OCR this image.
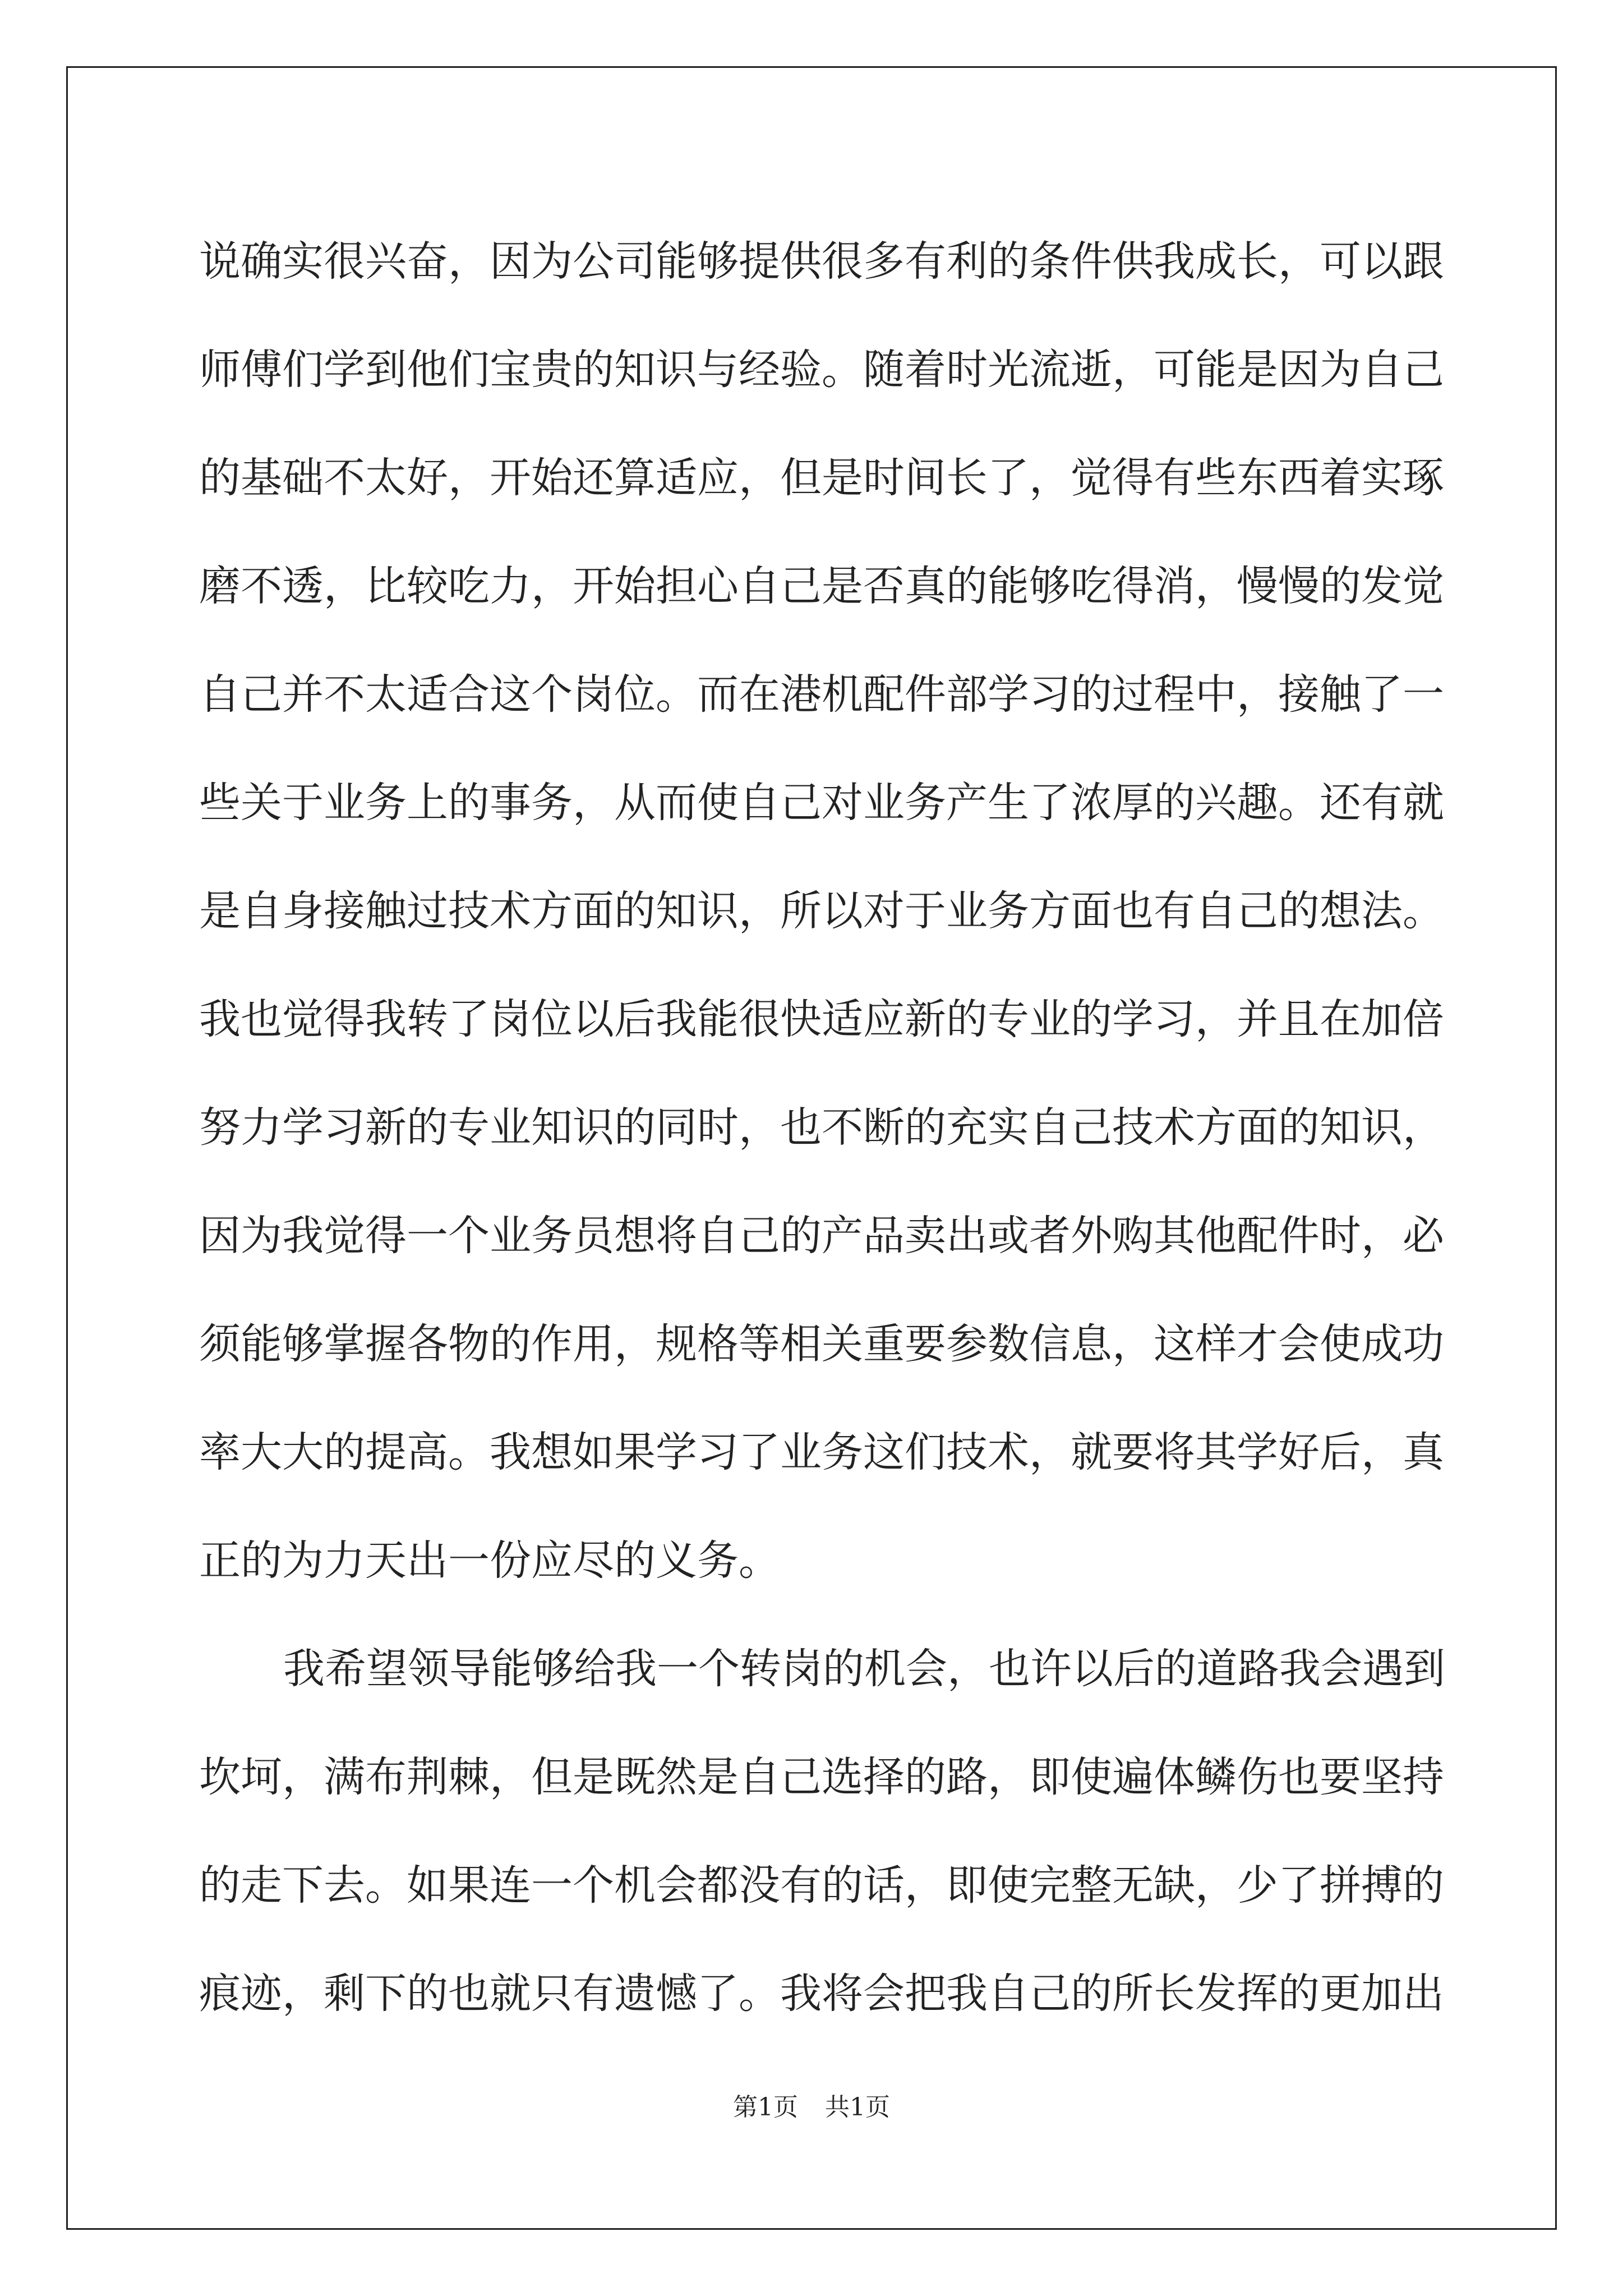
说确实很兴奋，因为公司能够提供很多有利的条件供我成长，可以跟
师傅们学到他们宝贵的知识与经验。随着时光流逝，可能是因为自己
的基础不太好，开始还算适应，但是时间长了，觉得有些东西着实琢
磨不透，比较吃力，开始担心自己是否真的能够吃得消，慢慢的发觉
自己并不太适合这个岗位。而在港机配件部学习的过程中，接触了一
些关于业务上的事务，从而使自己对业务产生了浓厚的兴趣。还有就
是自身接触过技术方面的知识，所以对于业务方面也有自己的想法。
我也觉得我转了岗位以后我能很快适应新的专业的学习，并且在加倍
努力学习新的专业知识的同时，也不断的充实自己技术方面的知识，
因为我觉得一个业务员想将自己的产品卖出或者外购其他配件时，必
须能够掌握各物的作用，规格等相关重要参数信息，这样才会使成功
率大大的提高。我想如果学习了业务这们技术，就要将其学好后，真
正的为力天出一份应尽的义务。
我希望领导能够给我一个转岗的机会，也许以后的道路我会遇到
坎坷，满布荆棘，但是既然是自己选择的路，即使遍体鳞伤也要坚持
的走下去。如果连一个机会都没有的话，即使完整无缺，少了拼搏的
痕迹，剩下的也就只有遗憾了。我将会把我自己的所长发挥的更加出
第1页 共1页
